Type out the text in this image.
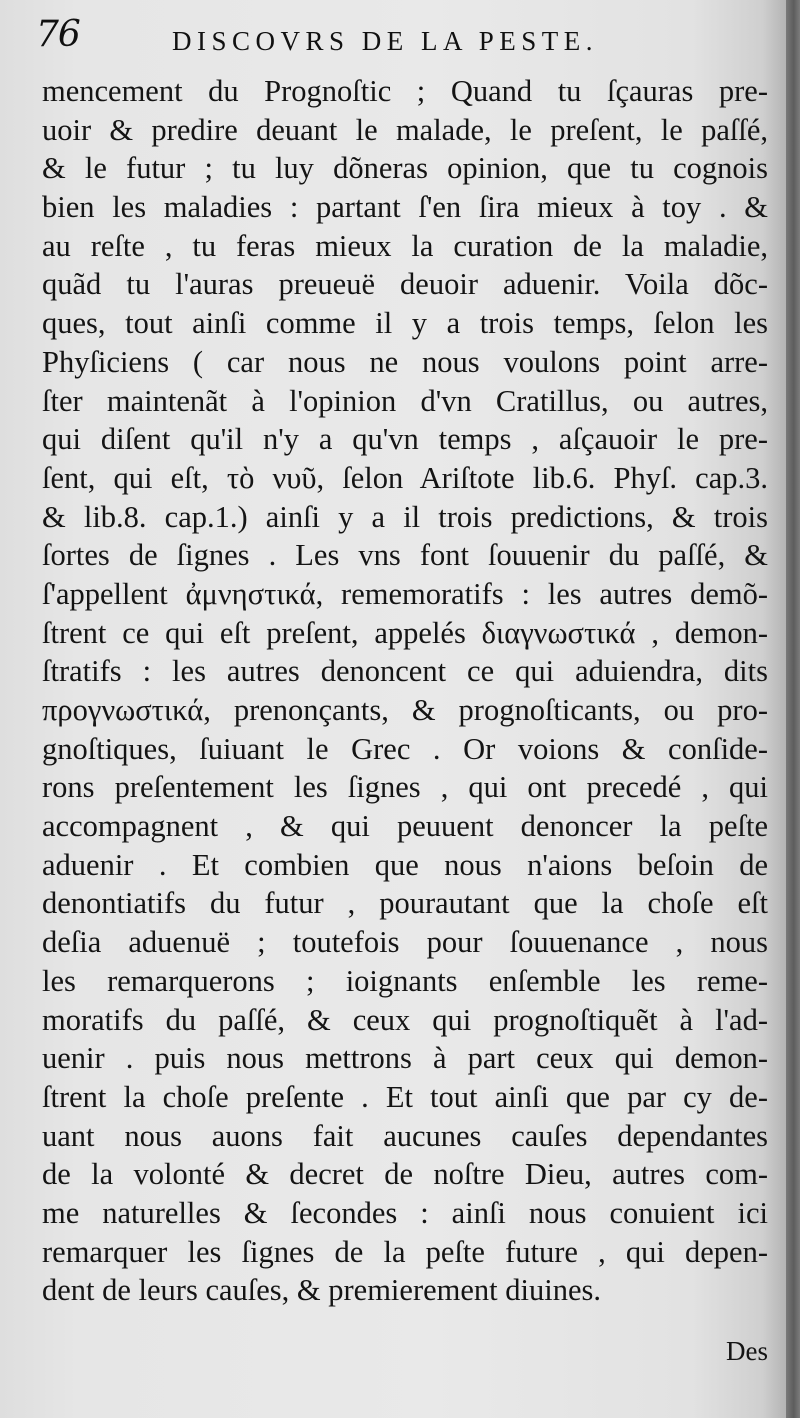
76	DISCOVRS DE LA PESTE.
mencement du Prognoſtic ; Quand tu ſçauras pre-
uoir & predire deuant le malade, le preſent, le paſſé,
& le futur ; tu luy dõneras opinion, que tu cognois
bien les maladies : partant ſ'en ſira mieux à toy . &
au reſte , tu feras mieux la curation de la maladie,
quãd tu l'auras preueuë deuoir aduenir. Voila dõc-
ques, tout ainſi comme il y a trois temps, ſelon les
Phyſiciens ( car nous ne nous voulons point arre-
ſter maintenãt à l'opinion d'vn Cratillus, ou autres,
qui diſent qu'il n'y a qu'vn temps , aſçauoir le pre-
ſent, qui eſt, τὸ νυῦ, ſelon Ariſtote lib.6. Phyſ. cap.3.
& lib.8. cap.1.) ainſi y a il trois predictions, & trois
ſortes de ſignes . Les vns font ſouuenir du paſſé, &
ſ'appellent ἀμνηστικά, rememoratifs : les autres demõ-
ſtrent ce qui eſt preſent, appelés διαγνωστικά , demon-
ſtratifs : les autres denoncent ce qui aduiendra, dits
προγνωστικά, prenonçants, & prognoſticants, ou pro-
gnoſtiques, ſuiuant le Grec . Or voions & conſide-
rons preſentement les ſignes , qui ont precedé , qui
accompagnent , & qui peuuent denoncer la peſte
aduenir . Et combien que nous n'aions beſoin de
denontiatifs du futur , pourautant que la choſe eſt
deſia aduenuë ; toutefois pour ſouuenance , nous
les remarquerons ; ioignants enſemble les reme-
moratifs du paſſé, & ceux qui prognoſtiquẽt à l'ad-
uenir . puis nous mettrons à part ceux qui demon-
ſtrent la choſe preſente . Et tout ainſi que par cy de-
uant nous auons fait aucunes cauſes dependantes
de la volonté & decret de noſtre Dieu, autres com-
me naturelles & ſecondes : ainſi nous conuient ici
remarquer les ſignes de la peſte future , qui depen-
dent de leurs cauſes, & premierement diuines.
Des
